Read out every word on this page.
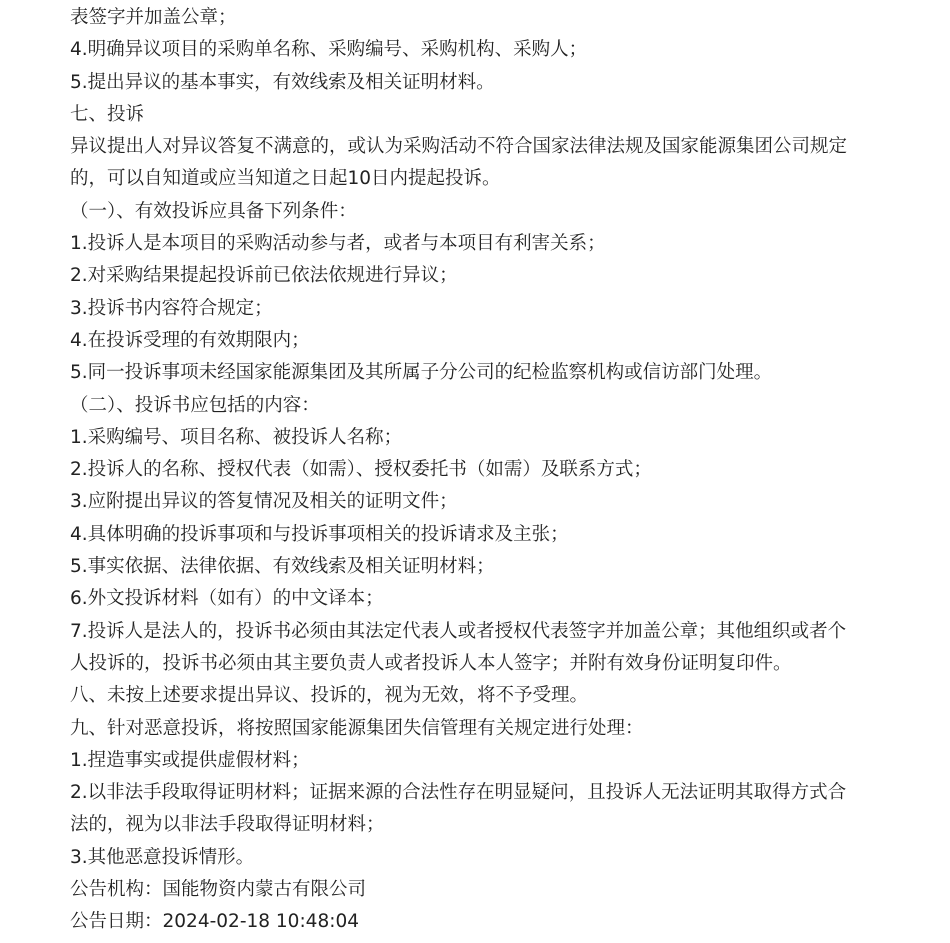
表签字并加盖公章；
4.明确异议项目的采购单名称、采购编号、采购机构、采购人；
5.提出异议的基本事实，有效线索及相关证明材料。
七、投诉
异议提出人对异议答复不满意的，或认为采购活动不符合国家法律法规及国家能源集团公司规定
的，可以自知道或应当知道之日起10日内提起投诉。
（一）、有效投诉应具备下列条件：
1.投诉人是本项目的采购活动参与者，或者与本项目有利害关系；
2.对采购结果提起投诉前已依法依规进行异议；
3.投诉书内容符合规定；
4.在投诉受理的有效期限内；
5.同一投诉事项未经国家能源集团及其所属子分公司的纪检监察机构或信访部门处理。
（二）、投诉书应包括的内容：
1.采购编号、项目名称、被投诉人名称；
2.投诉人的名称、授权代表（如需）、授权委托书（如需）及联系方式；
3.应附提出异议的答复情况及相关的证明文件；
4.具体明确的投诉事项和与投诉事项相关的投诉请求及主张；
5.事实依据、法律依据、有效线索及相关证明材料；
6.外文投诉材料（如有）的中文译本；
7.投诉人是法人的，投诉书必须由其法定代表人或者授权代表签字并加盖公章；其他组织或者个
人投诉的，投诉书必须由其主要负责人或者投诉人本人签字；并附有效身份证明复印件。
八、未按上述要求提出异议、投诉的，视为无效，将不予受理。
九、针对恶意投诉，将按照国家能源集团失信管理有关规定进行处理：
1.捏造事实或提供虚假材料；
2.以非法手段取得证明材料；证据来源的合法性存在明显疑问，且投诉人无法证明其取得方式合
法的，视为以非法手段取得证明材料；
3.其他恶意投诉情形。
公告机构：国能物资内蒙古有限公司
公告日期：2024-02-18 10:48:04
